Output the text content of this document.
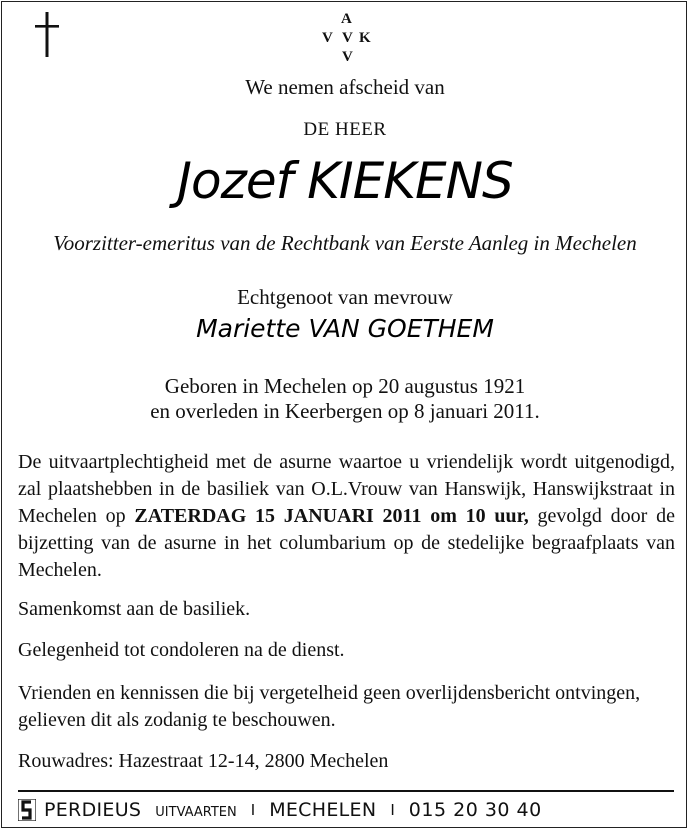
A
V V K
V
We nemen afscheid van
DE HEER
Jozef KIEKENS
Voorzitter-emeritus van de Rechtbank van Eerste Aanleg in Mechelen
Echtgenoot van mevrouw
Mariette VAN GOETHEM
Geboren in Mechelen op 20 augustus 1921
en overleden in Keerbergen op 8 januari 2011.
De uitvaartplechtigheid met de asurne waartoe u vriendelijk wordt uitgenodigd, zal plaatshebben in de basiliek van O.L.Vrouw van Hanswijk, Hanswijkstraat in Mechelen op ZATERDAG 15 JANUARI 2011 om 10 uur, gevolgd door de bijzetting van de asurne in het columbarium op de stedelijke begraafplaats van Mechelen.
Samenkomst aan de basiliek.
Gelegenheid tot condoleren na de dienst.
Vrienden en kennissen die bij vergetelheid geen overlijdensbericht ontvingen, gelieven dit als zodanig te beschouwen.
Rouwadres: Hazestraat 12-14, 2800 Mechelen
PERDIEUS uitvaarten I MECHELEN I 015 20 30 40
